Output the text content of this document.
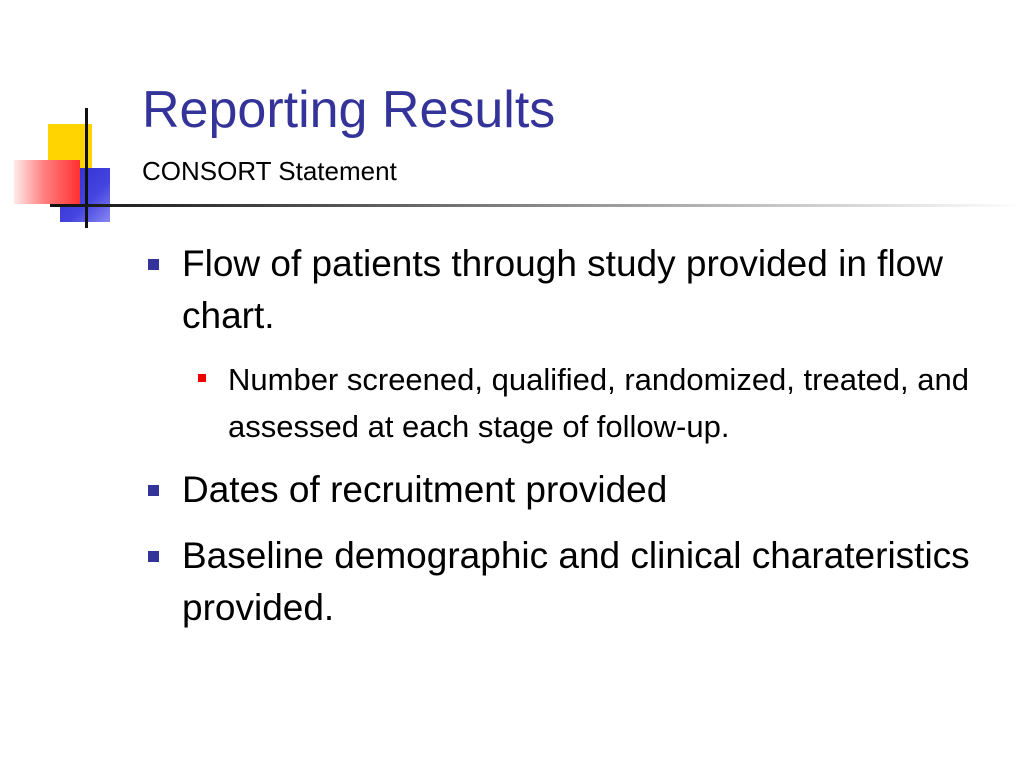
Reporting Results
CONSORT Statement
Flow of patients through study provided in flow chart.
Number screened, qualified, randomized, treated, and assessed at each stage of follow-up.
Dates of recruitment provided
Baseline demographic and clinical charateristics provided.
